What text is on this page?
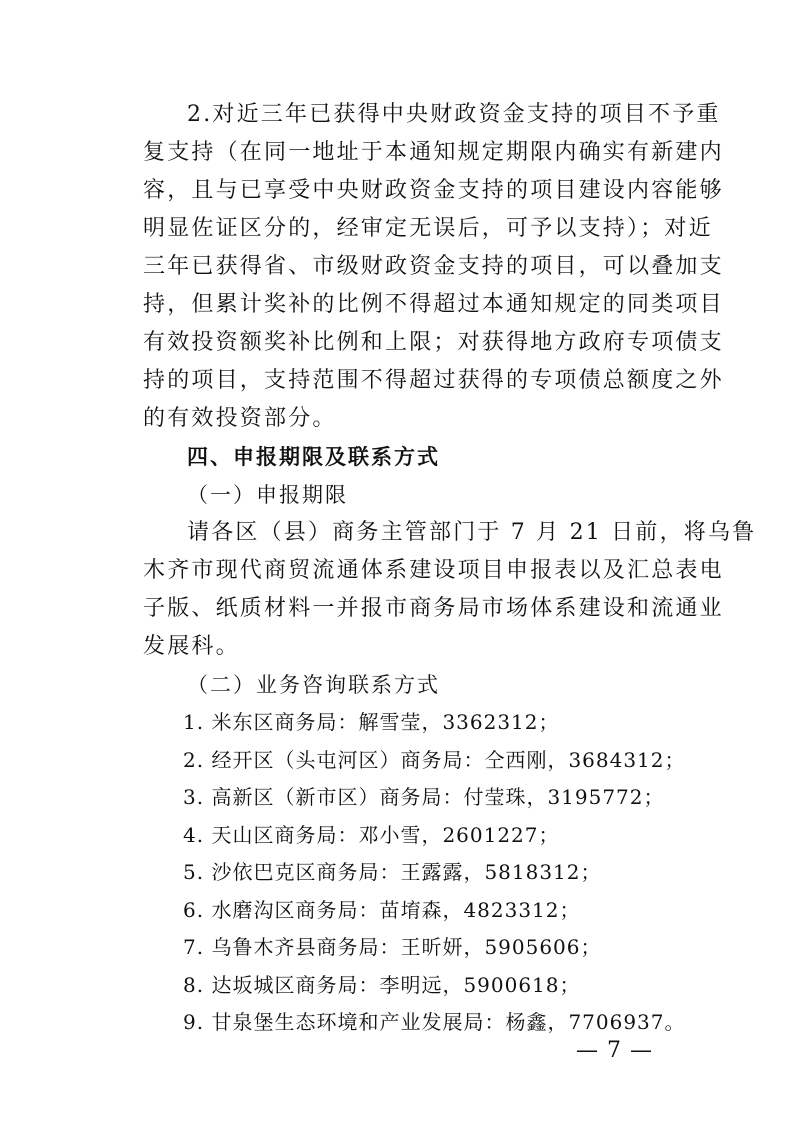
2.对近三年已获得中央财政资金支持的项目不予重
复支持（在同一地址于本通知规定期限内确实有新建内
容，且与已享受中央财政资金支持的项目建设内容能够
明显佐证区分的，经审定无误后，可予以支持）；对近
三年已获得省、市级财政资金支持的项目，可以叠加支
持，但累计奖补的比例不得超过本通知规定的同类项目
有效投资额奖补比例和上限；对获得地方政府专项债支
持的项目，支持范围不得超过获得的专项债总额度之外
的有效投资部分。

四、申报期限及联系方式

（一）申报期限

请各区（县）商务主管部门于 7 月 21 日前，将乌鲁
木齐市现代商贸流通体系建设项目申报表以及汇总表电
子版、纸质材料一并报市商务局市场体系建设和流通业
发展科。

（二）业务咨询联系方式

1. 米东区商务局：解雪莹，3362312；

2. 经开区（头屯河区）商务局：仝西刚，3684312；

3. 高新区（新市区）商务局：付莹珠，3195772；

4. 天山区商务局：邓小雪，2601227；

5. 沙依巴克区商务局：王露露，5818312；

6. 水磨沟区商务局：苗堉森，4823312；

7. 乌鲁木齐县商务局：王昕妍，5905606；

8. 达坂城区商务局：李明远，5900618；

9. 甘泉堡生态环境和产业发展局：杨鑫，7706937。

— 7 —
